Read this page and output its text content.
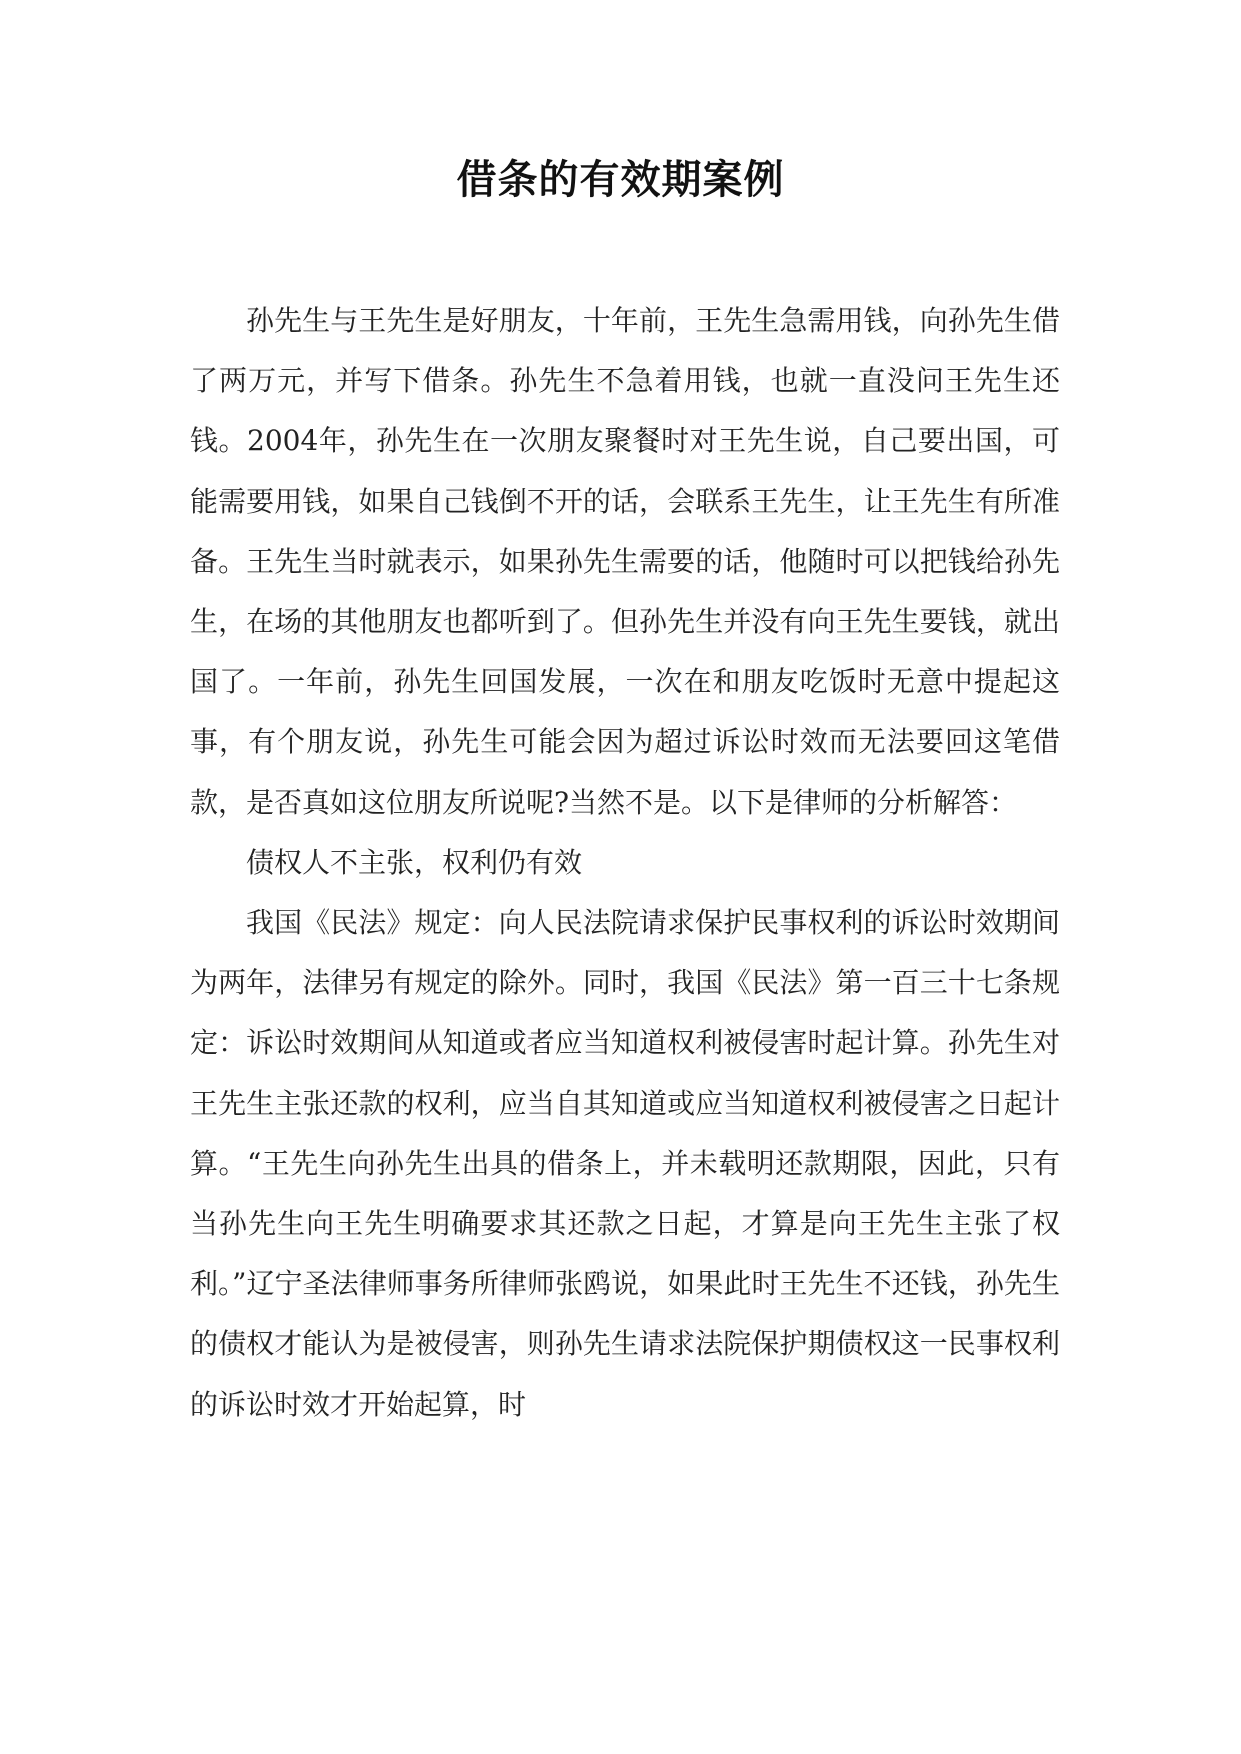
借条的有效期案例

孙先生与王先生是好朋友，十年前，王先生急需用钱，向孙先生借了两万元，并写下借条。孙先生不急着用钱，也就一直没问王先生还钱。2004年，孙先生在一次朋友聚餐时对王先生说，自己要出国，可能需要用钱，如果自己钱倒不开的话，会联系王先生，让王先生有所准备。王先生当时就表示，如果孙先生需要的话，他随时可以把钱给孙先生，在场的其他朋友也都听到了。但孙先生并没有向王先生要钱，就出国了。一年前，孙先生回国发展，一次在和朋友吃饭时无意中提起这事，有个朋友说，孙先生可能会因为超过诉讼时效而无法要回这笔借款，是否真如这位朋友所说呢?当然不是。以下是律师的分析解答：

债权人不主张，权利仍有效

我国《民法》规定：向人民法院请求保护民事权利的诉讼时效期间为两年，法律另有规定的除外。同时，我国《民法》第一百三十七条规定：诉讼时效期间从知道或者应当知道权利被侵害时起计算。孙先生对王先生主张还款的权利，应当自其知道或应当知道权利被侵害之日起计算。“王先生向孙先生出具的借条上，并未载明还款期限，因此，只有当孙先生向王先生明确要求其还款之日起，才算是向王先生主张了权利。”辽宁圣法律师事务所律师张鸥说，如果此时王先生不还钱，孙先生的债权才能认为是被侵害，则孙先生请求法院保护期债权这一民事权利的诉讼时效才开始起算，时
